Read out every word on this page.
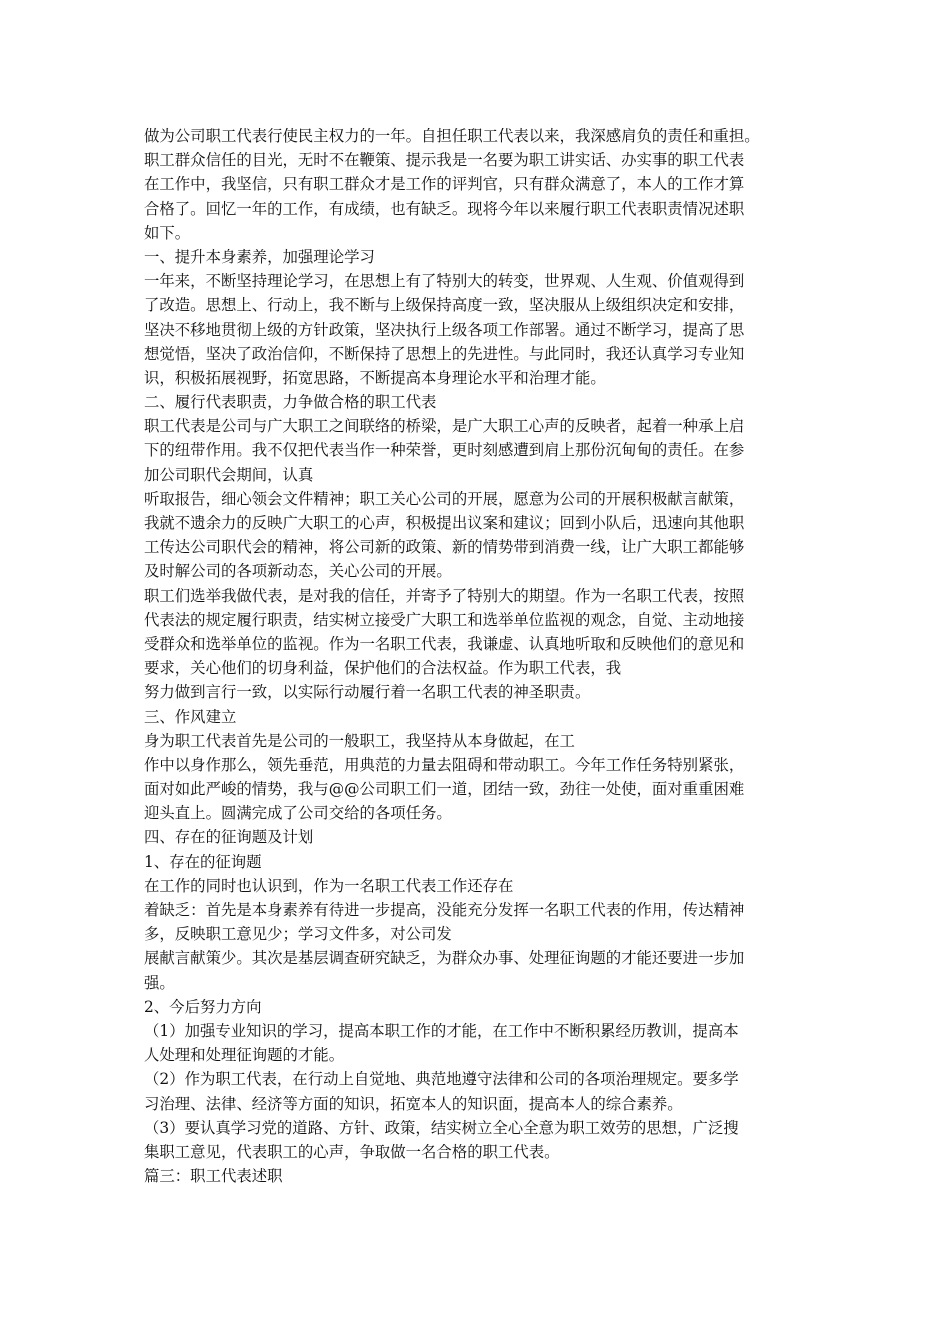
做为公司职工代表行使民主权力的一年。自担任职工代表以来，我深感肩负的责任和重担。
职工群众信任的目光，无时不在鞭策、提示我是一名要为职工讲实话、办实事的职工代表
在工作中，我坚信，只有职工群众才是工作的评判官，只有群众满意了，本人的工作才算
合格了。回忆一年的工作，有成绩，也有缺乏。现将今年以来履行职工代表职责情况述职
如下。
一、提升本身素养，加强理论学习
一年来，不断坚持理论学习，在思想上有了特别大的转变，世界观、人生观、价值观得到
了改造。思想上、行动上，我不断与上级保持高度一致，坚决服从上级组织决定和安排，
坚决不移地贯彻上级的方针政策，坚决执行上级各项工作部署。通过不断学习，提高了思
想觉悟，坚决了政治信仰，不断保持了思想上的先进性。与此同时，我还认真学习专业知
识，积极拓展视野，拓宽思路，不断提高本身理论水平和治理才能。
二、履行代表职责，力争做合格的职工代表
职工代表是公司与广大职工之间联络的桥梁，是广大职工心声的反映者，起着一种承上启
下的纽带作用。我不仅把代表当作一种荣誉，更时刻感遭到肩上那份沉甸甸的责任。在参
加公司职代会期间，认真
听取报告，细心领会文件精神；职工关心公司的开展，愿意为公司的开展积极献言献策，
我就不遗余力的反映广大职工的心声，积极提出议案和建议；回到小队后，迅速向其他职
工传达公司职代会的精神，将公司新的政策、新的情势带到消费一线，让广大职工都能够
及时解公司的各项新动态，关心公司的开展。
职工们选举我做代表，是对我的信任，并寄予了特别大的期望。作为一名职工代表，按照
代表法的规定履行职责，结实树立接受广大职工和选举单位监视的观念，自觉、主动地接
受群众和选举单位的监视。作为一名职工代表，我谦虚、认真地听取和反映他们的意见和
要求，关心他们的切身利益，保护他们的合法权益。作为职工代表，我
努力做到言行一致，以实际行动履行着一名职工代表的神圣职责。
三、作风建立
身为职工代表首先是公司的一般职工，我坚持从本身做起，在工
作中以身作那么，领先垂范，用典范的力量去阻碍和带动职工。今年工作任务特别紧张，
面对如此严峻的情势，我与@@公司职工们一道，团结一致，劲往一处使，面对重重困难
迎头直上。圆满完成了公司交给的各项任务。
四、存在的征询题及计划
1、存在的征询题
在工作的同时也认识到，作为一名职工代表工作还存在
着缺乏：首先是本身素养有待进一步提高，没能充分发挥一名职工代表的作用，传达精神
多，反映职工意见少；学习文件多，对公司发
展献言献策少。其次是基层调查研究缺乏，为群众办事、处理征询题的才能还要进一步加
强。
2、今后努力方向
（1）加强专业知识的学习，提高本职工作的才能，在工作中不断积累经历教训，提高本
人处理和处理征询题的才能。
（2）作为职工代表，在行动上自觉地、典范地遵守法律和公司的各项治理规定。要多学
习治理、法律、经济等方面的知识，拓宽本人的知识面，提高本人的综合素养。
（3）要认真学习党的道路、方针、政策，结实树立全心全意为职工效劳的思想，广泛搜
集职工意见，代表职工的心声，争取做一名合格的职工代表。
篇三：职工代表述职
